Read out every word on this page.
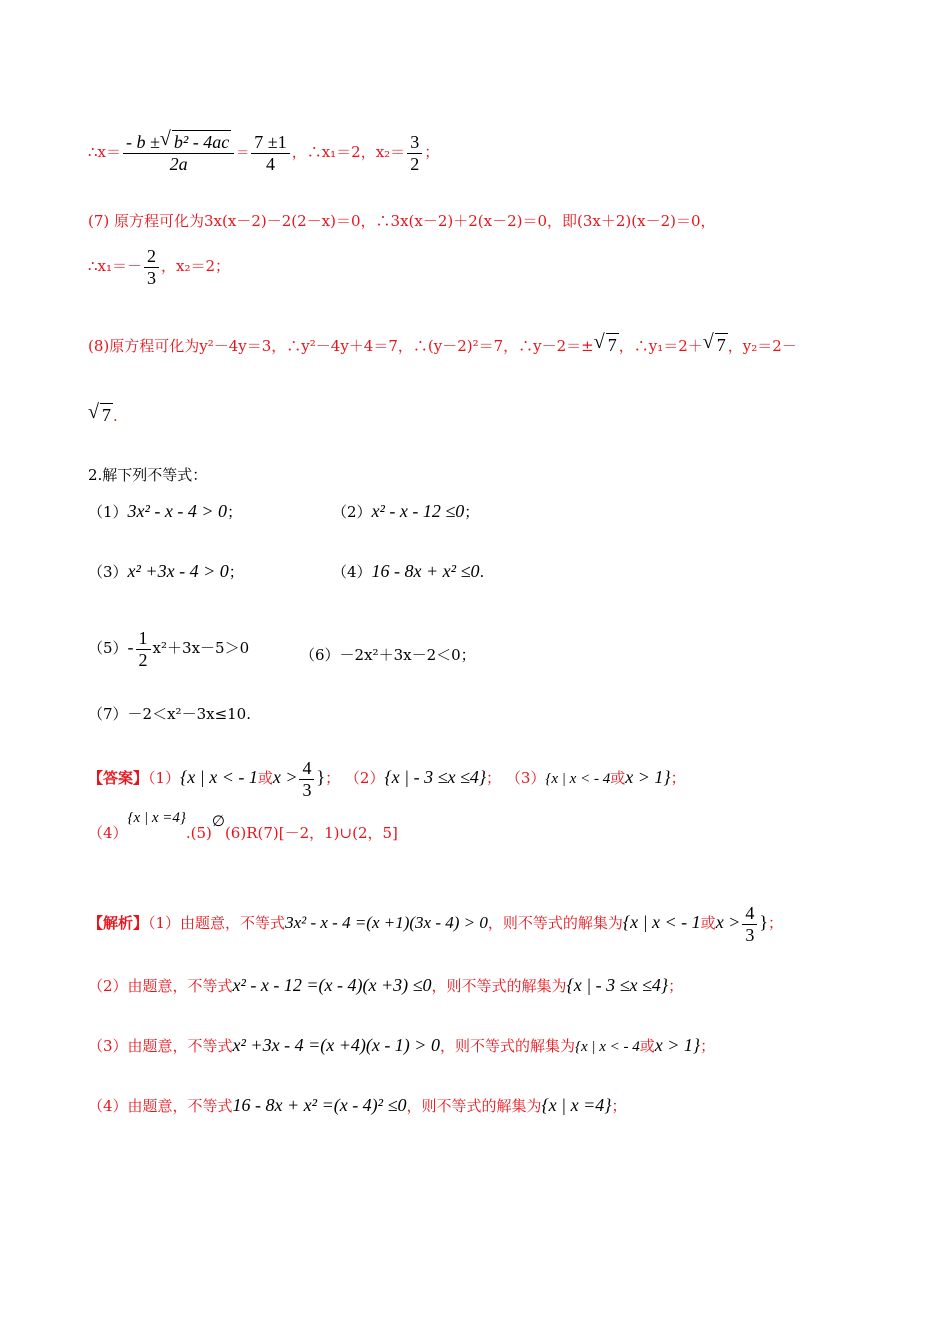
∴x＝ $\frac{\text{- b ± √ b² - 4ac}}{2a} = \frac{7 \pm 1}{4}$ ，∴x₁＝2，$x_2= \frac{3}{2}$ ；
(7) 原方程可化为3x(x－2)－2(2－x)＝0，∴3x(x－2)＋2(x－2)＝0，即(3x＋2)(x－2)＝0，
∴x₁＝－ $\frac{2}{3}$ ，x₂＝2；
(8)原方程可化为y²－4y＝3，∴y²－4y＋4＝7，∴(y－2)²＝7，∴y－2＝± √ 7 ，∴y₁＝2＋ √ 7 ，y₂＝2－
√ 7 .
2.解下列不等式：
（1）3x² - x - 4 > 0；	（2）x² - x - 12 ≤0；
（3）x² +3x - 4 > 0；	（4）16 - 8x + x² ≤0.
$(5)- \frac{1}{2} x^2+3x-5>0$	（6）－2x²＋3x－2＜0；
（7）－2＜x²－3x≤10.
【答案】（1）{x | x < - 1或$x > \frac{4}{3}$ }； （2）{x | - 3 ≤x ≤4}； （3）{x | x < - 4或x > 1}；
（4）{x | x =4}.(5)∅(6)R(7)[－2，1)∪(2，5]
【解析】（1）由题意，不等式3x² - x - 4 =(x +1)(3x - 4) > 0，则不等式的解集为{x | x < - 1或$x > \frac{4}{3}$ }；
（2）由题意，不等式x² - x - 12 =(x - 4)(x +3) ≤0，则不等式的解集为{x | - 3 ≤x ≤4}；
（3）由题意，不等式x² +3x - 4 =(x +4)(x - 1) > 0，则不等式的解集为{x | x < - 4或x > 1}；
（4）由题意，不等式16 - 8x + x² =(x - 4)² ≤0，则不等式的解集为{x | x =4}；
